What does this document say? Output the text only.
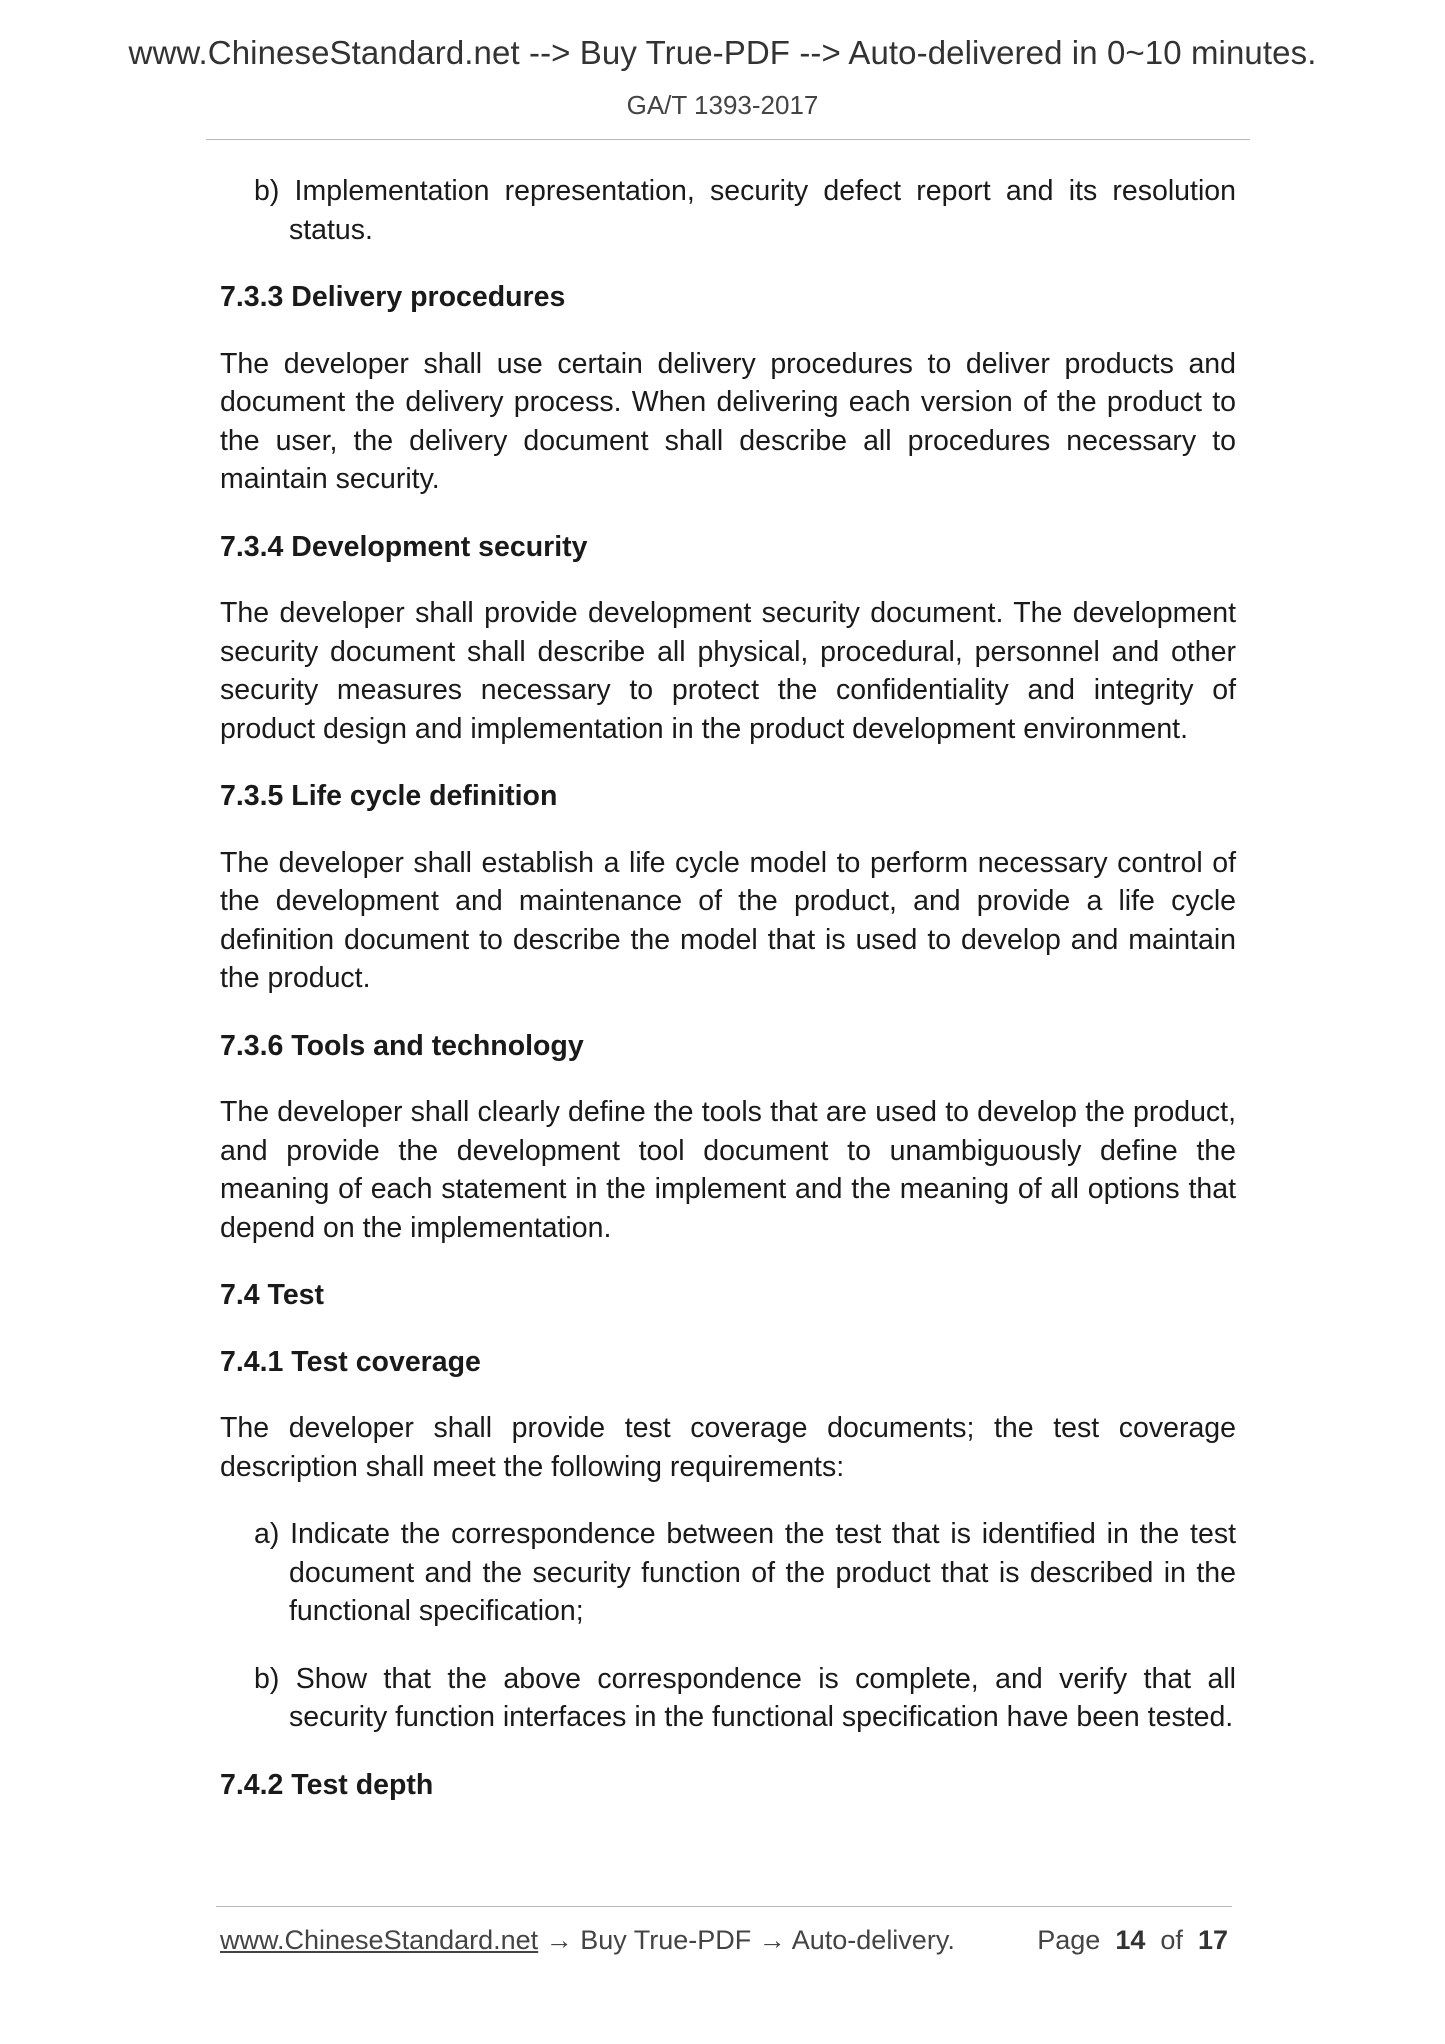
www.ChineseStandard.net --> Buy True-PDF --> Auto-delivered in 0~10 minutes.
GA/T 1393-2017
b) Implementation representation, security defect report and its resolution status.
7.3.3 Delivery procedures
The developer shall use certain delivery procedures to deliver products and document the delivery process. When delivering each version of the product to the user, the delivery document shall describe all procedures necessary to maintain security.
7.3.4 Development security
The developer shall provide development security document. The development security document shall describe all physical, procedural, personnel and other security measures necessary to protect the confidentiality and integrity of product design and implementation in the product development environment.
7.3.5 Life cycle definition
The developer shall establish a life cycle model to perform necessary control of the development and maintenance of the product, and provide a life cycle definition document to describe the model that is used to develop and maintain the product.
7.3.6 Tools and technology
The developer shall clearly define the tools that are used to develop the product, and provide the development tool document to unambiguously define the meaning of each statement in the implement and the meaning of all options that depend on the implementation.
7.4 Test
7.4.1 Test coverage
The developer shall provide test coverage documents; the test coverage description shall meet the following requirements:
a) Indicate the correspondence between the test that is identified in the test document and the security function of the product that is described in the functional specification;
b) Show that the above correspondence is complete, and verify that all security function interfaces in the functional specification have been tested.
7.4.2 Test depth
www.ChineseStandard.net → Buy True-PDF → Auto-delivery.	Page 14 of 17
